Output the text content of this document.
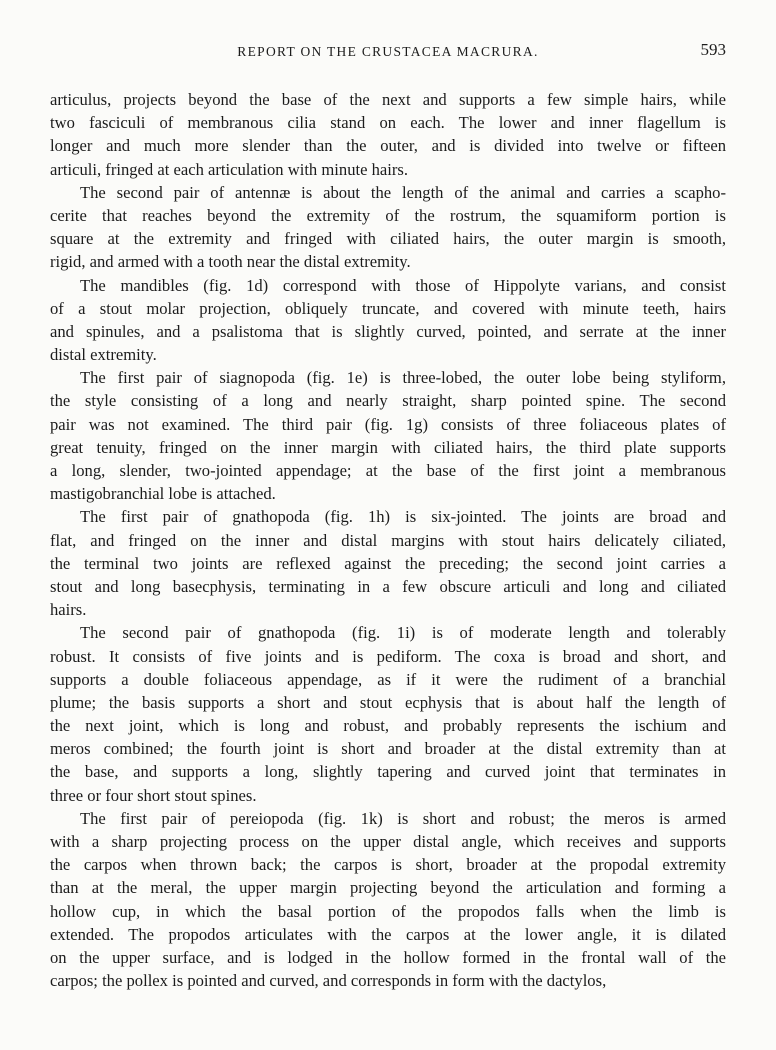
REPORT ON THE CRUSTACEA MACRURA.	593
articulus, projects beyond the base of the next and supports a few simple hairs, while
two fasciculi of membranous cilia stand on each. The lower and inner flagellum is
longer and much more slender than the outer, and is divided into twelve or fifteen
articuli, fringed at each articulation with minute hairs.
The second pair of antennæ is about the length of the animal and carries a scapho-
cerite that reaches beyond the extremity of the rostrum, the squamiform portion is
square at the extremity and fringed with ciliated hairs, the outer margin is smooth,
rigid, and armed with a tooth near the distal extremity.
The mandibles (fig. 1d) correspond with those of Hippolyte varians, and consist
of a stout molar projection, obliquely truncate, and covered with minute teeth, hairs
and spinules, and a psalistoma that is slightly curved, pointed, and serrate at the inner
distal extremity.
The first pair of siagnopoda (fig. 1e) is three-lobed, the outer lobe being styliform,
the style consisting of a long and nearly straight, sharp pointed spine. The second
pair was not examined. The third pair (fig. 1g) consists of three foliaceous plates of
great tenuity, fringed on the inner margin with ciliated hairs, the third plate supports
a long, slender, two-jointed appendage; at the base of the first joint a membranous
mastigobranchial lobe is attached.
The first pair of gnathopoda (fig. 1h) is six-jointed. The joints are broad and
flat, and fringed on the inner and distal margins with stout hairs delicately ciliated,
the terminal two joints are reflexed against the preceding; the second joint carries a
stout and long basecphysis, terminating in a few obscure articuli and long and ciliated
hairs.
The second pair of gnathopoda (fig. 1i) is of moderate length and tolerably
robust. It consists of five joints and is pediform. The coxa is broad and short, and
supports a double foliaceous appendage, as if it were the rudiment of a branchial
plume; the basis supports a short and stout ecphysis that is about half the length of
the next joint, which is long and robust, and probably represents the ischium and
meros combined; the fourth joint is short and broader at the distal extremity than at
the base, and supports a long, slightly tapering and curved joint that terminates in
three or four short stout spines.
The first pair of pereiopoda (fig. 1k) is short and robust; the meros is armed
with a sharp projecting process on the upper distal angle, which receives and supports
the carpos when thrown back; the carpos is short, broader at the propodal extremity
than at the meral, the upper margin projecting beyond the articulation and forming a
hollow cup, in which the basal portion of the propodos falls when the limb is
extended. The propodos articulates with the carpos at the lower angle, it is dilated
on the upper surface, and is lodged in the hollow formed in the frontal wall of the
carpos; the pollex is pointed and curved, and corresponds in form with the dactylos,
